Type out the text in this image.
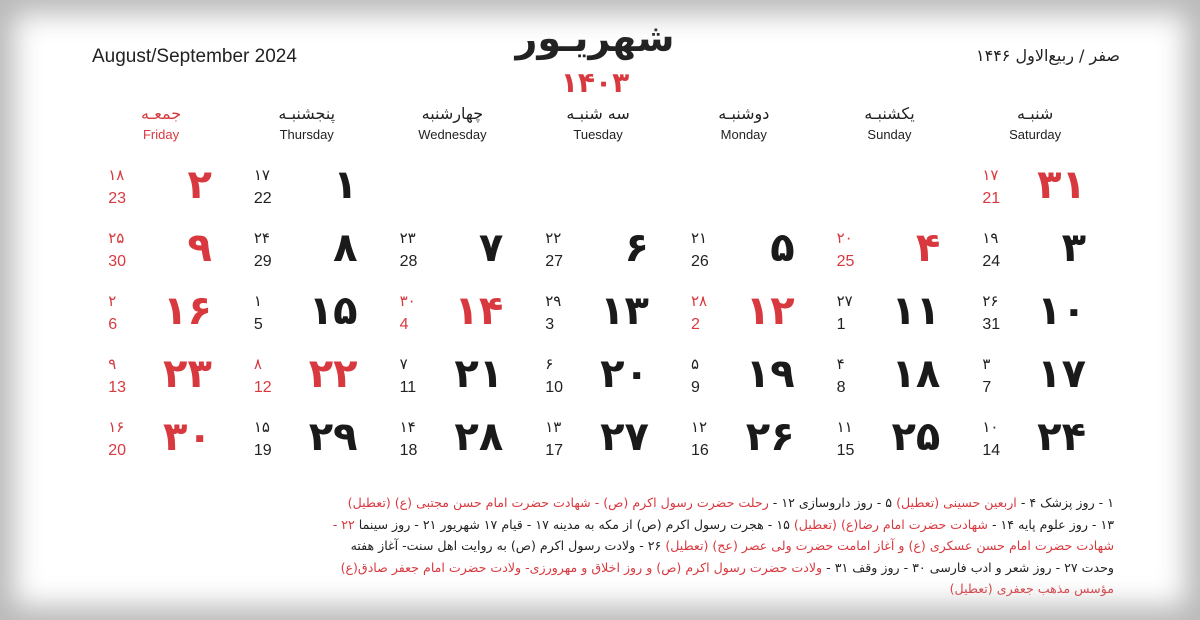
August/September 2024	شهریـور
۱۴۰۳
صفر / ربیع‌الاول ۱۴۴۶
شنبـه
Saturday
یکشنبـه
Sunday
دوشنبـه
Monday
سه شنبـه
Tuesday
چهارشنبه
Wednesday
پنجشنبـه
Thursday
جمعـه
Friday
۳۱
۱۷
21
۱
۱۷
22
۲
۱۸
23
۳
۱۹
24
۴
۲۰
25
۵
۲۱
26
۶
۲۲
27
۷
۲۳
28
۸
۲۴
29
۹
۲۵
30
۱۰
۲۶
31
۱۱
۲۷
1
۱۲
۲۸
2
۱۳
۲۹
3
۱۴
۳۰
4
۱۵
۱
5
۱۶
۲
6
۱۷
۳
7
۱۸
۴
8
۱۹
۵
9
۲۰
۶
10
۲۱
۷
11
۲۲
۸
12
۲۳
۹
13
۲۴
۱۰
14
۲۵
۱۱
15
۲۶
۱۲
16
۲۷
۱۳
17
۲۸
۱۴
18
۲۹
۱۵
19
۳۰
۱۶
20
۱ - روز پزشک ۴ - اربعین حسینی (تعطیل) ۵ - روز داروسازی ۱۲ - رحلت حضرت رسول اکرم (ص) - شهادت حضرت امام حسن مجتبی (ع) (تعطیل)
۱۳ - روز علوم پایه ۱۴ - شهادت حضرت امام رضا(ع) (تعطیل) ۱۵ - هجرت رسول اکرم (ص) از مکه به مدینه ۱۷ - قیام ۱۷ شهریور ۲۱ - روز سینما ۲۲ -
شهادت حضرت امام حسن عسکری (ع) و آغاز امامت حضرت ولی عصر (عج) (تعطیل) ۲۶ - ولادت رسول اکرم (ص) به روایت اهل سنت- آغاز هفته
وحدت ۲۷ - روز شعر و ادب فارسی ۳۰ - روز وقف ۳۱ - ولادت حضرت رسول اکرم (ص) و روز اخلاق و مهرورزی- ولادت حضرت امام جعفر صادق(ع)
مؤسس مذهب جعفری (تعطیل)
